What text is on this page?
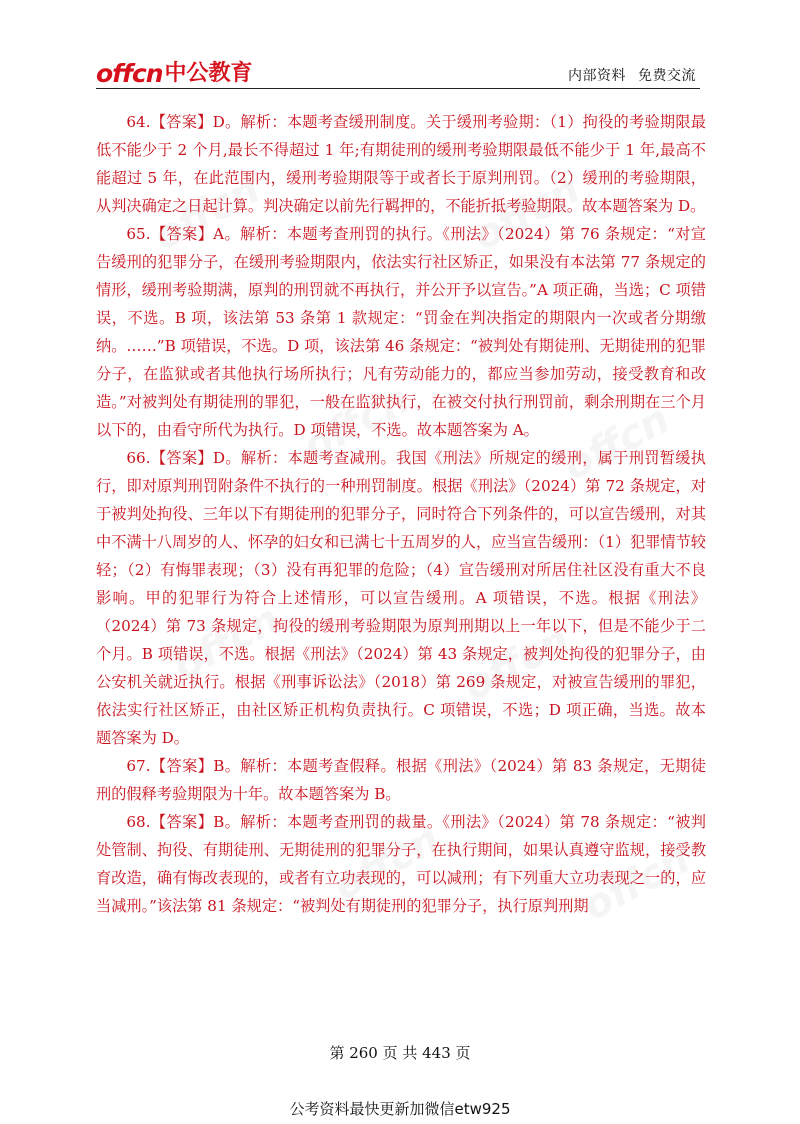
offcn	offcn
offcn	offcn
offcn	offcn
offcn	offcn
offcn 中公教育	内部资料 免费交流

64.【答案】D。解析：本题考查缓刑制度。关于缓刑考验期：（1）拘役的考验期限最低不能少于 2 个月,最长不得超过 1 年;有期徒刑的缓刑考验期限最低不能少于 1 年,最高不能超过 5 年，在此范围内，缓刑考验期限等于或者长于原判刑罚。（2）缓刑的考验期限，从判决确定之日起计算。判决确定以前先行羁押的，不能折抵考验期限。故本题答案为 D。

65.【答案】A。解析：本题考查刑罚的执行。《刑法》（2024）第 76 条规定：“对宣告缓刑的犯罪分子，在缓刑考验期限内，依法实行社区矫正，如果没有本法第 77 条规定的情形，缓刑考验期满，原判的刑罚就不再执行，并公开予以宣告。”A 项正确，当选；C 项错误，不选。B 项，该法第 53 条第 1 款规定：“罚金在判决指定的期限内一次或者分期缴纳。……”B 项错误，不选。D 项，该法第 46 条规定：“被判处有期徒刑、无期徒刑的犯罪分子，在监狱或者其他执行场所执行；凡有劳动能力的，都应当参加劳动，接受教育和改造。”对被判处有期徒刑的罪犯，一般在监狱执行，在被交付执行刑罚前，剩余刑期在三个月以下的，由看守所代为执行。D 项错误，不选。故本题答案为 A。

66.【答案】D。解析：本题考查减刑。我国《刑法》所规定的缓刑，属于刑罚暂缓执行，即对原判刑罚附条件不执行的一种刑罚制度。根据《刑法》（2024）第 72 条规定，对于被判处拘役、三年以下有期徒刑的犯罪分子，同时符合下列条件的，可以宣告缓刑，对其中不满十八周岁的人、怀孕的妇女和已满七十五周岁的人，应当宣告缓刑：（1）犯罪情节较轻；（2）有悔罪表现；（3）没有再犯罪的危险；（4）宣告缓刑对所居住社区没有重大不良影响。甲的犯罪行为符合上述情形，可以宣告缓刑。A 项错误，不选。根据《刑法》（2024）第 73 条规定，拘役的缓刑考验期限为原判刑期以上一年以下，但是不能少于二个月。B 项错误，不选。根据《刑法》（2024）第 43 条规定，被判处拘役的犯罪分子，由公安机关就近执行。根据《刑事诉讼法》（2018）第 269 条规定，对被宣告缓刑的罪犯，依法实行社区矫正，由社区矫正机构负责执行。C 项错误，不选；D 项正确，当选。故本题答案为 D。

67.【答案】B。解析：本题考查假释。根据《刑法》（2024）第 83 条规定，无期徒刑的假释考验期限为十年。故本题答案为 B。

68.【答案】B。解析：本题考查刑罚的裁量。《刑法》（2024）第 78 条规定：“被判处管制、拘役、有期徒刑、无期徒刑的犯罪分子，在执行期间，如果认真遵守监规，接受教育改造，确有悔改表现的，或者有立功表现的，可以减刑；有下列重大立功表现之一的，应当减刑。”该法第 81 条规定：“被判处有期徒刑的犯罪分子，执行原判刑期

第 260 页 共 443 页
公考资料最快更新加微信etw925
